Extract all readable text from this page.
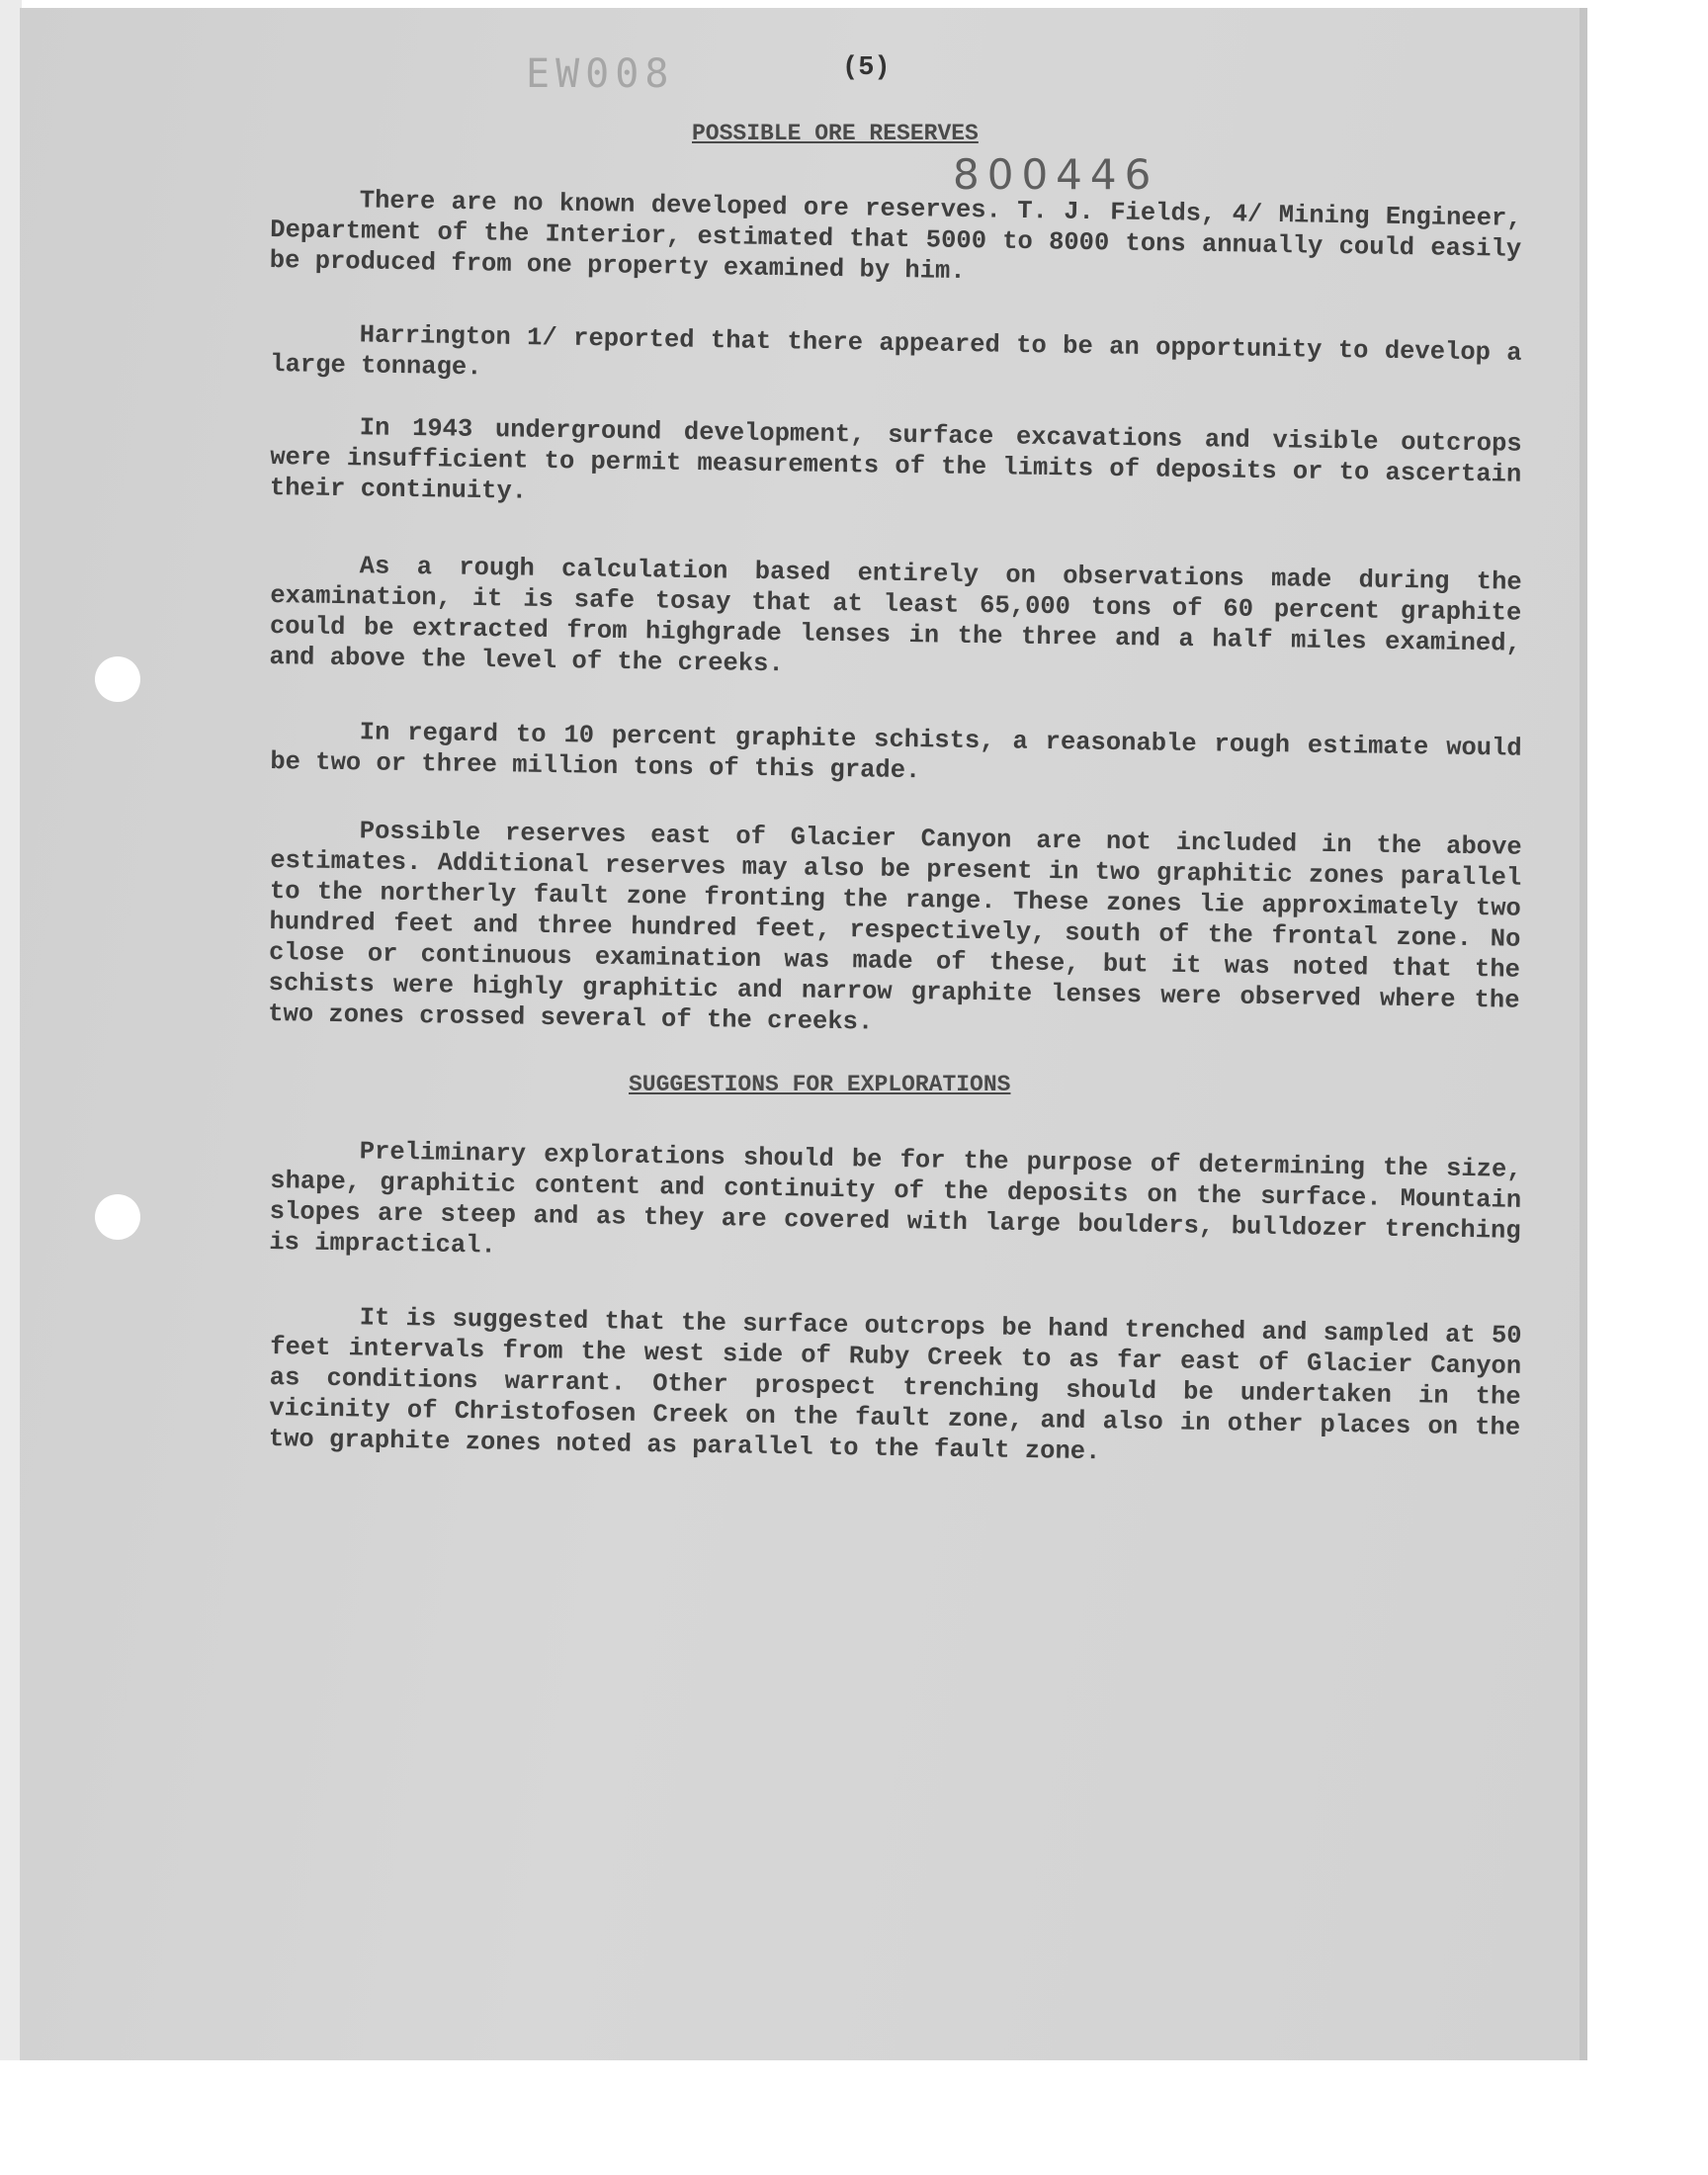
EW008
800446
(5)
POSSIBLE ORE RESERVES

There are no known developed ore reserves. T. J. Fields, 4/ Mining Engineer, Department of the Interior, estimated that 5000 to 8000 tons annually could easily be produced from one property examined by him.

Harrington 1/ reported that there appeared to be an opportunity to develop a large tonnage.

In 1943 underground development, surface excavations and visible outcrops were insufficient to permit measurements of the limits of deposits or to ascertain their continuity.

As a rough calculation based entirely on observations made during the examination, it is safe tosay that at least 65,000 tons of 60 percent graphite could be extracted from highgrade lenses in the three and a half miles examined, and above the level of the creeks.

In regard to 10 percent graphite schists, a reasonable rough estimate would be two or three million tons of this grade.

Possible reserves east of Glacier Canyon are not included in the above estimates. Additional reserves may also be present in two graphitic zones parallel to the northerly fault zone fronting the range. These zones lie approximately two hundred feet and three hundred feet, respectively, south of the frontal zone. No close or continuous examination was made of these, but it was noted that the schists were highly graphitic and narrow graphite lenses were observed where the two zones crossed several of the creeks.

SUGGESTIONS FOR EXPLORATIONS

Preliminary explorations should be for the purpose of determining the size, shape, graphitic content and continuity of the deposits on the surface. Mountain slopes are steep and as they are covered with large boulders, bulldozer trenching is impractical.

It is suggested that the surface outcrops be hand trenched and sampled at 50 feet intervals from the west side of Ruby Creek to as far east of Glacier Canyon as conditions warrant. Other prospect trenching should be undertaken in the vicinity of Christofosen Creek on the fault zone, and also in other places on the two graphite zones noted as parallel to the fault zone.
